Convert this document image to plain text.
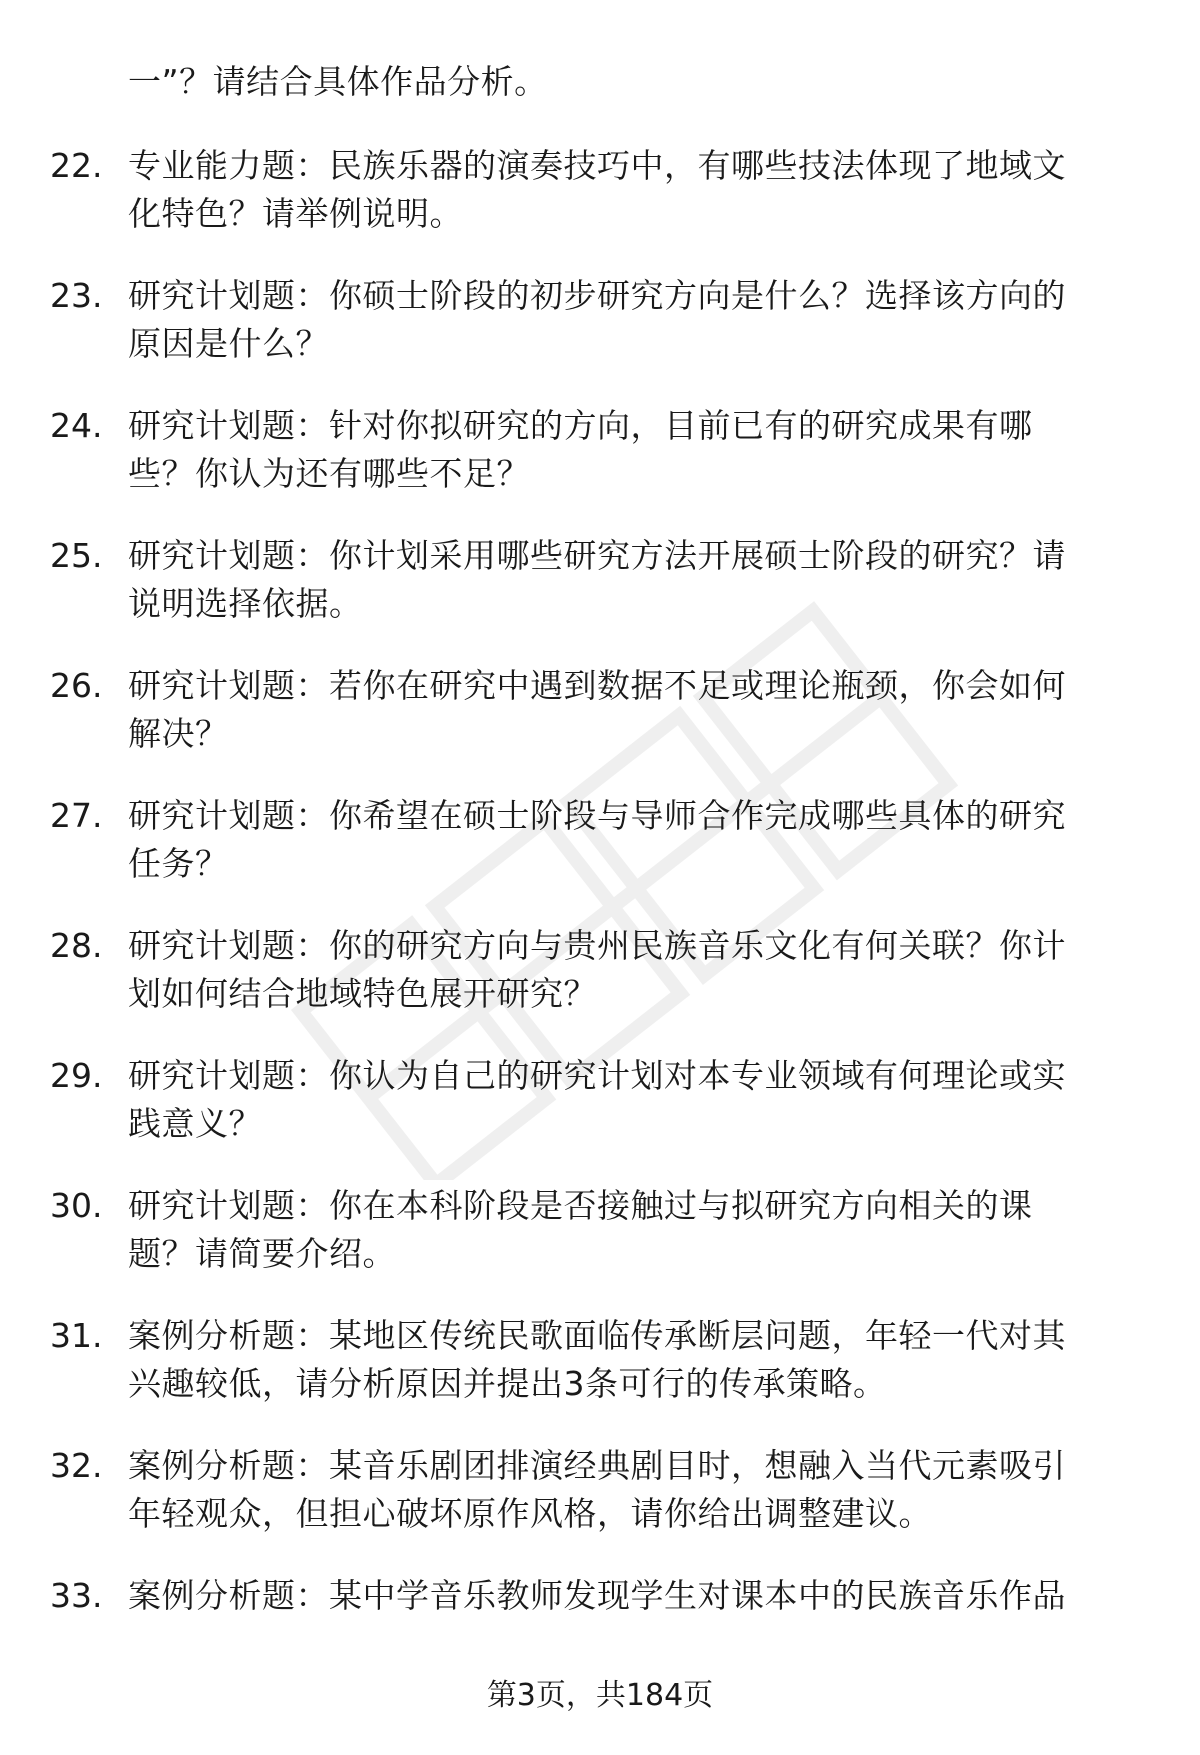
一”？请结合具体作品分析。
22. 专业能力题：民族乐器的演奏技巧中，有哪些技法体现了地域文
化特色？请举例说明。
23. 研究计划题：你硕士阶段的初步研究方向是什么？选择该方向的
原因是什么？
24. 研究计划题：针对你拟研究的方向，目前已有的研究成果有哪
些？你认为还有哪些不足？
25. 研究计划题：你计划采用哪些研究方法开展硕士阶段的研究？请
说明选择依据。
26. 研究计划题：若你在研究中遇到数据不足或理论瓶颈，你会如何
解决？
27. 研究计划题：你希望在硕士阶段与导师合作完成哪些具体的研究
任务？
28. 研究计划题：你的研究方向与贵州民族音乐文化有何关联？你计
划如何结合地域特色展开研究？
29. 研究计划题：你认为自己的研究计划对本专业领域有何理论或实
践意义？
30. 研究计划题：你在本科阶段是否接触过与拟研究方向相关的课
题？请简要介绍。
31. 案例分析题：某地区传统民歌面临传承断层问题，年轻一代对其
兴趣较低，请分析原因并提出3条可行的传承策略。
32. 案例分析题：某音乐剧团排演经典剧目时，想融入当代元素吸引
年轻观众，但担心破坏原作风格，请你给出调整建议。
33. 案例分析题：某中学音乐教师发现学生对课本中的民族音乐作品
第3页，共184页
